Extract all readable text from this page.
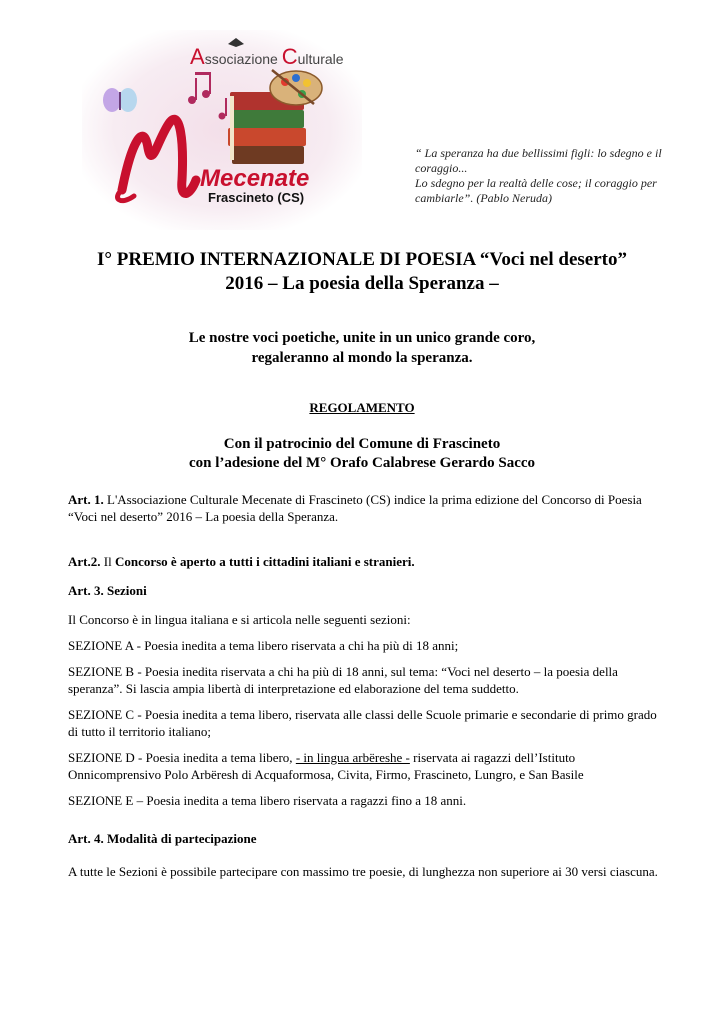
Associazione Culturale
Mecenate
Frascineto (CS)
“ La speranza ha due bellissimi figli: lo sdegno e il coraggio...
Lo sdegno per la realtà delle cose; il coraggio per cambiarle”. (Pablo Neruda)
I° PREMIO INTERNAZIONALE DI POESIA “Voci nel deserto”
2016 – La poesia della Speranza –
Le nostre voci poetiche, unite in un unico grande coro,
regaleranno al mondo la speranza.
REGOLAMENTO
Con il patrocinio del Comune di Frascineto
con l’adesione del M° Orafo Calabrese Gerardo Sacco

Art. 1. L'Associazione Culturale Mecenate di Frascineto (CS) indice la prima edizione del Concorso di Poesia “Voci nel deserto” 2016 – La poesia della Speranza.

Art.2. Il Concorso è aperto a tutti i cittadini italiani e stranieri.

Art. 3. Sezioni

Il Concorso è in lingua italiana e si articola nelle seguenti sezioni:

SEZIONE A - Poesia inedita a tema libero riservata a chi ha più di 18 anni;

SEZIONE B - Poesia inedita riservata a chi ha più di 18 anni, sul tema: “Voci nel deserto – la poesia della speranza”. Si lascia ampia libertà di interpretazione ed elaborazione del tema suddetto.

SEZIONE C - Poesia inedita a tema libero, riservata alle classi delle Scuole primarie e secondarie di primo grado di tutto il territorio italiano;

SEZIONE D - Poesia inedita a tema libero, - in lingua arbëreshe - riservata ai ragazzi dell’Istituto Onnicomprensivo Polo Arbëresh di Acquaformosa, Civita, Firmo, Frascineto, Lungro, e San Basile

SEZIONE E – Poesia inedita a tema libero riservata a ragazzi fino a 18 anni.

Art. 4. Modalità di partecipazione

A tutte le Sezioni è possibile partecipare con massimo tre poesie, di lunghezza non superiore ai 30 versi ciascuna.
